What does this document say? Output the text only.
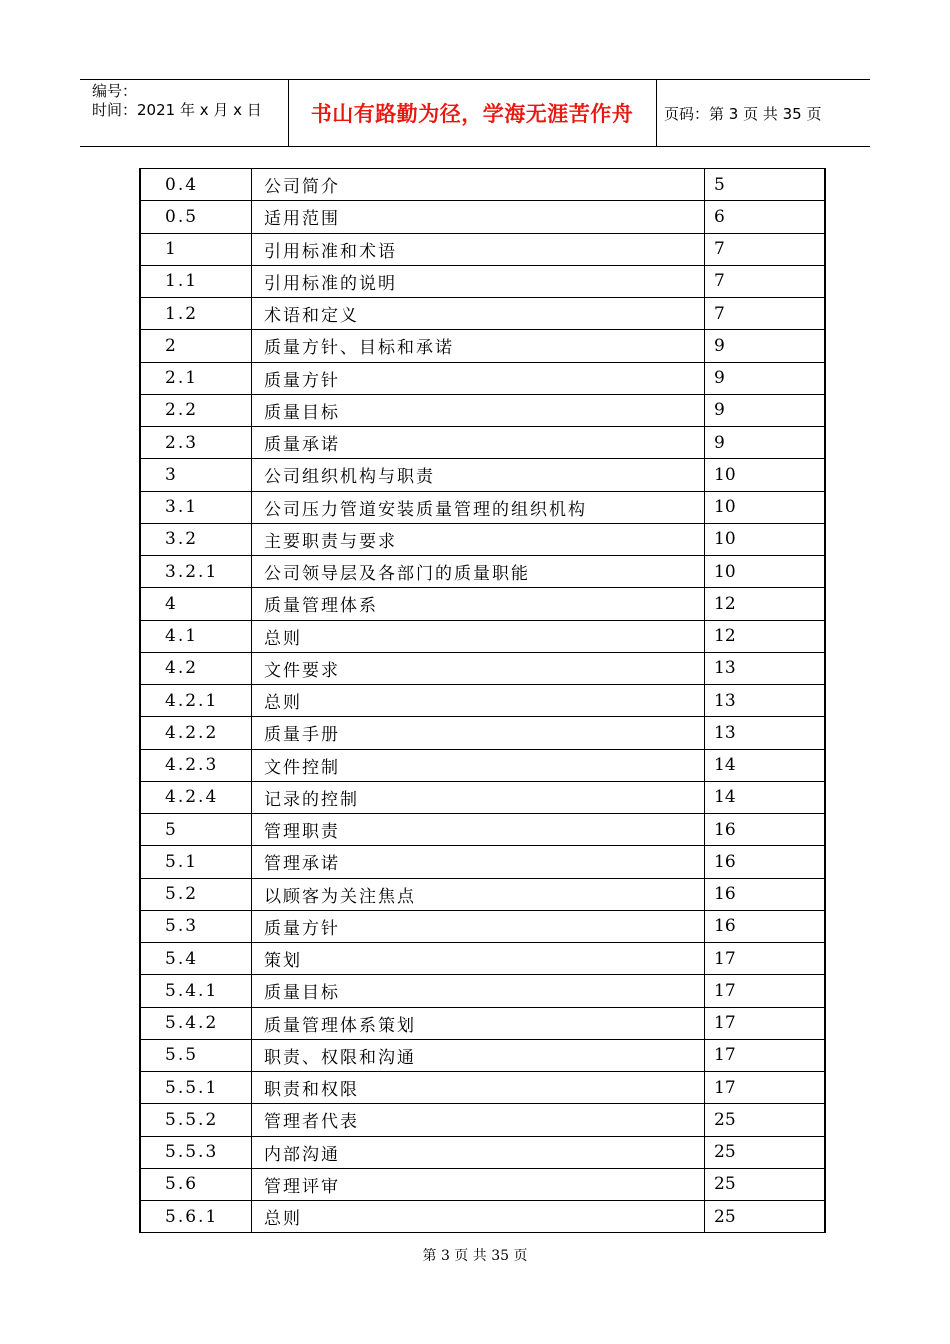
编号：
时间：2021 年 x 月 x 日	书山有路勤为径，学海无涯苦作舟	页码：第 3 页 共 35 页
0.4	公司简介	5
0.5	适用范围	6
1	引用标准和术语	7
1.1	引用标准的说明	7
1.2	术语和定义	7
2	质量方针、目标和承诺	9
2.1	质量方针	9
2.2	质量目标	9
2.3	质量承诺	9
3	公司组织机构与职责	10
3.1	公司压力管道安装质量管理的组织机构	10
3.2	主要职责与要求	10
3.2.1	公司领导层及各部门的质量职能	10
4	质量管理体系	12
4.1	总则	12
4.2	文件要求	13
4.2.1	总则	13
4.2.2	质量手册	13
4.2.3	文件控制	14
4.2.4	记录的控制	14
5	管理职责	16
5.1	管理承诺	16
5.2	以顾客为关注焦点	16
5.3	质量方针	16
5.4	策划	17
5.4.1	质量目标	17
5.4.2	质量管理体系策划	17
5.5	职责、权限和沟通	17
5.5.1	职责和权限	17
5.5.2	管理者代表	25
5.5.3	内部沟通	25
5.6	管理评审	25
5.6.1	总则	25
第 3 页 共 35 页
